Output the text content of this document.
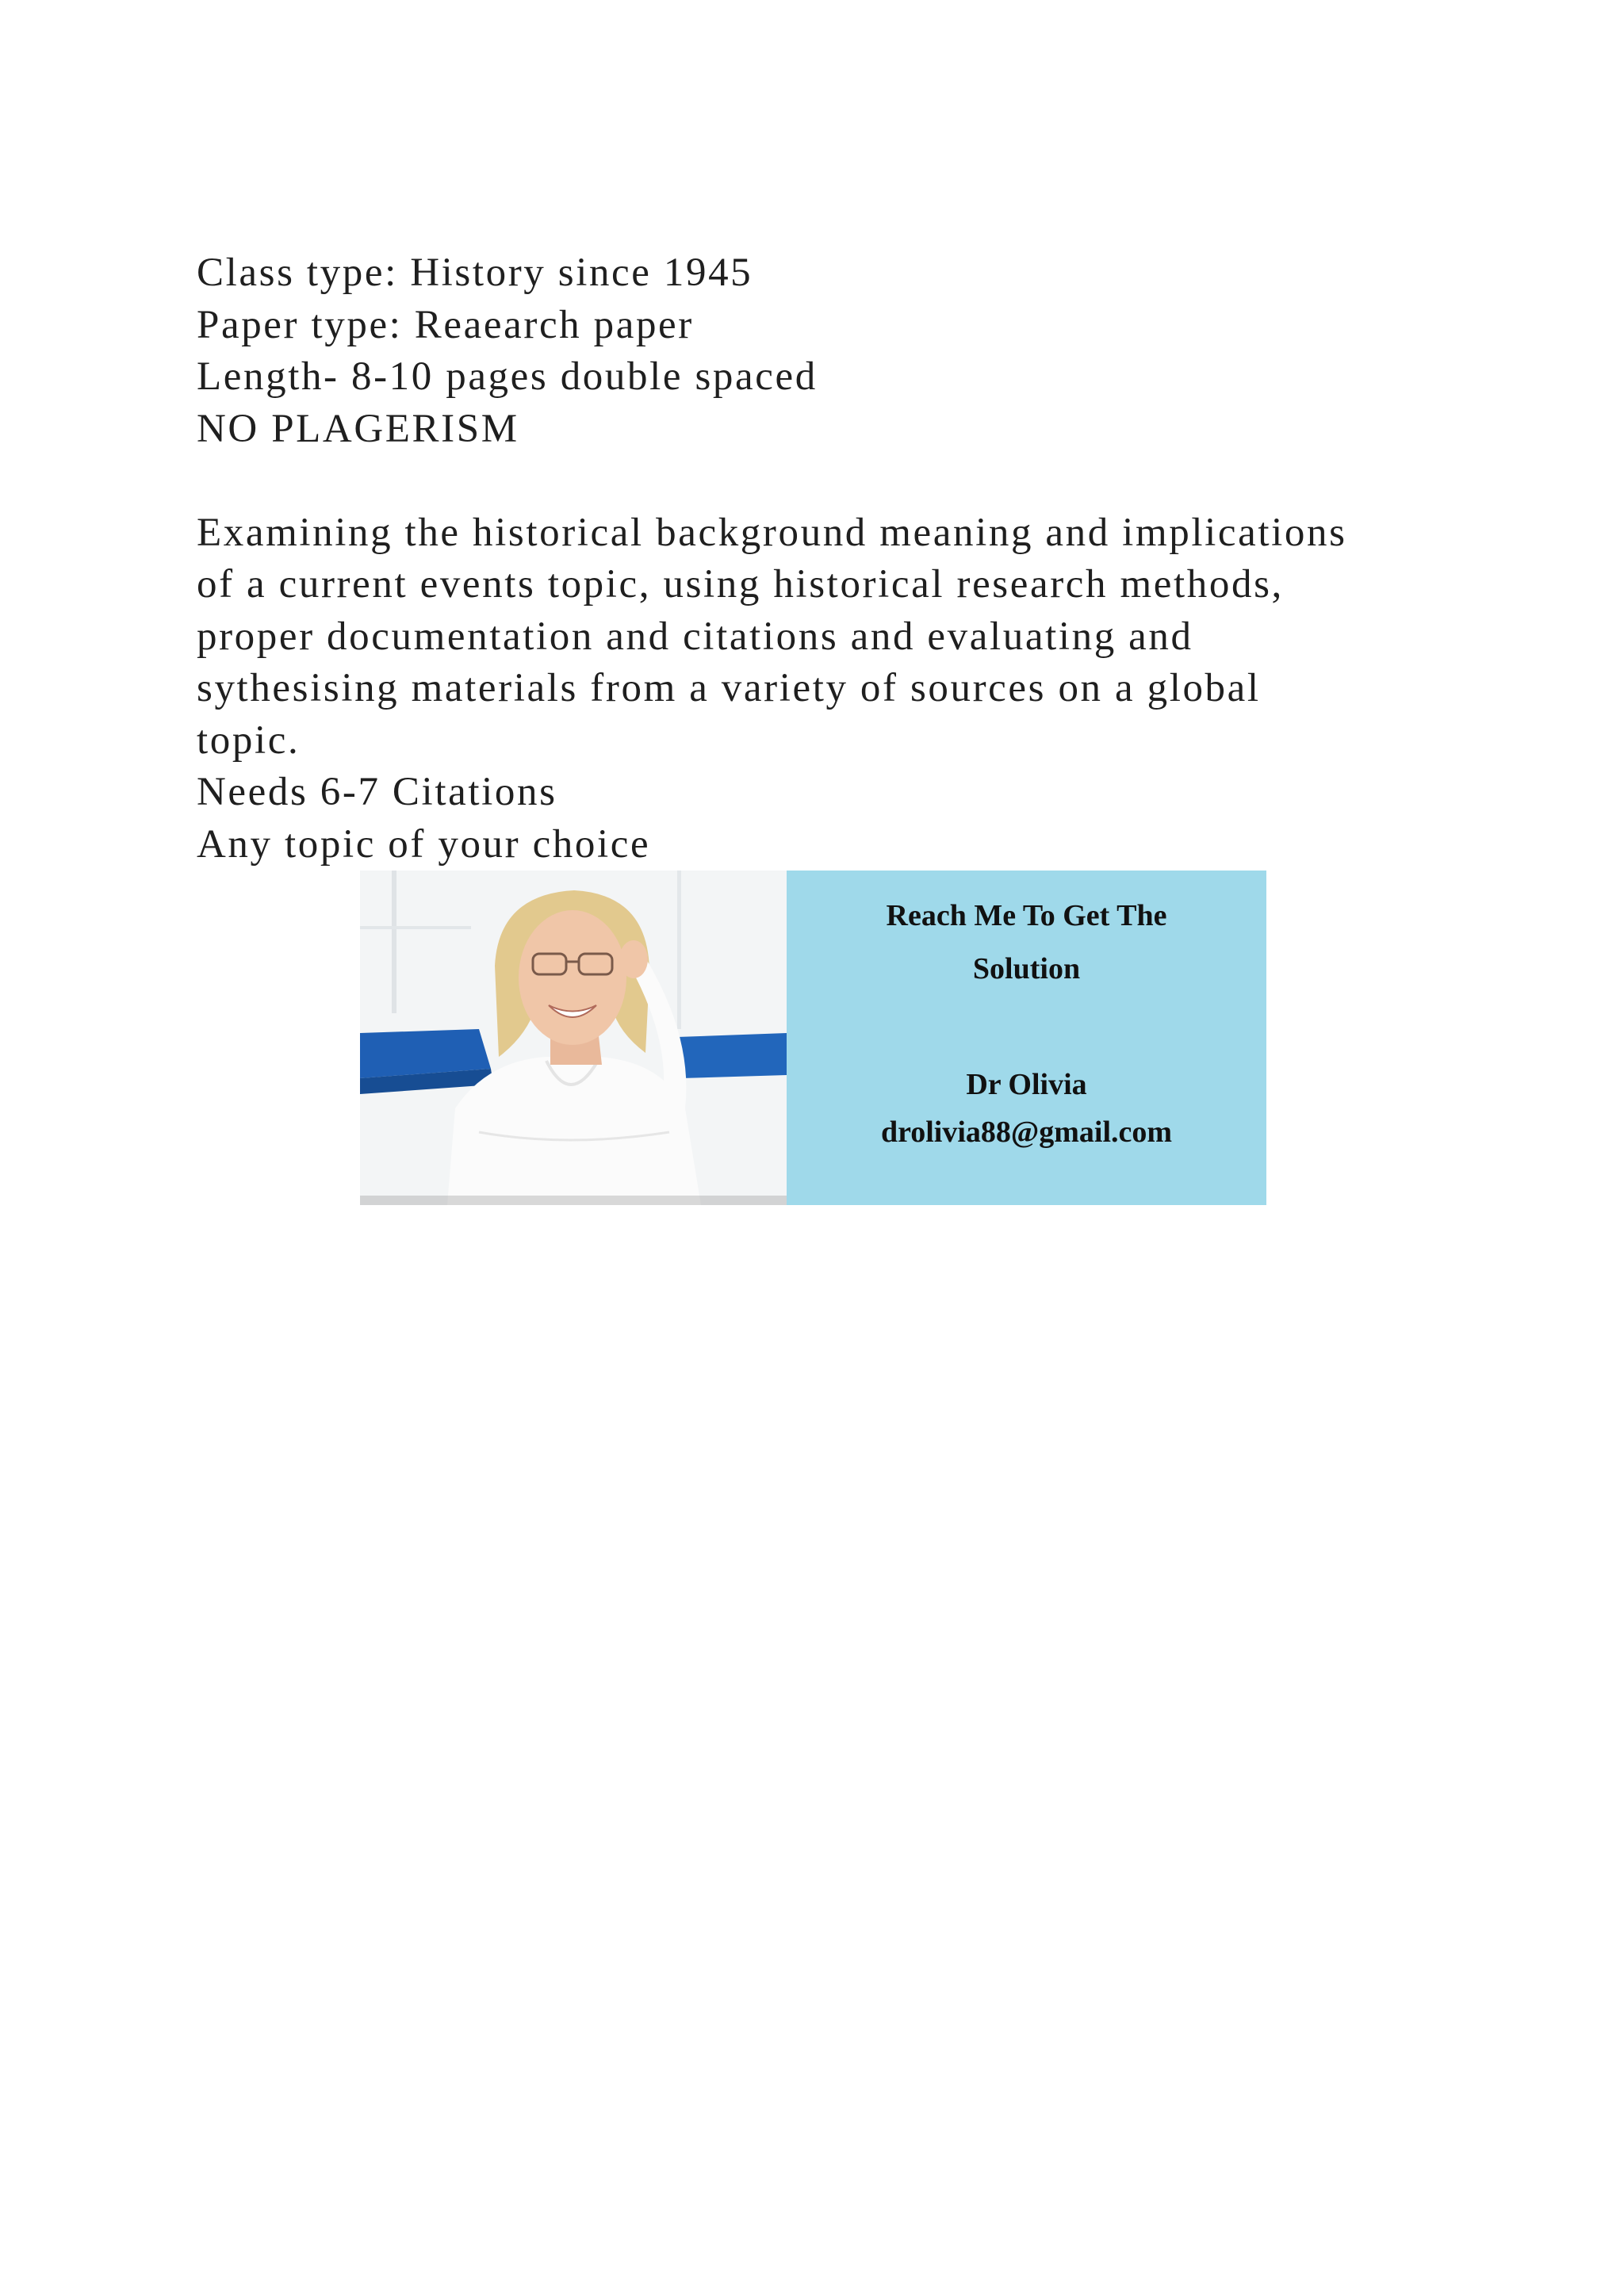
Class type: History since 1945
Paper type: Reaearch paper
Length- 8-10 pages double spaced
NO PLAGERISM
Examining the historical background meaning and implications
of a current events topic, using historical research methods,
proper documentation and citations and evaluating and
sythesising materials from a variety of sources on a global
topic.
Needs 6-7 Citations
Any topic of your choice
Reach Me To Get The
Solution
Dr Olivia
drolivia88@gmail.com
